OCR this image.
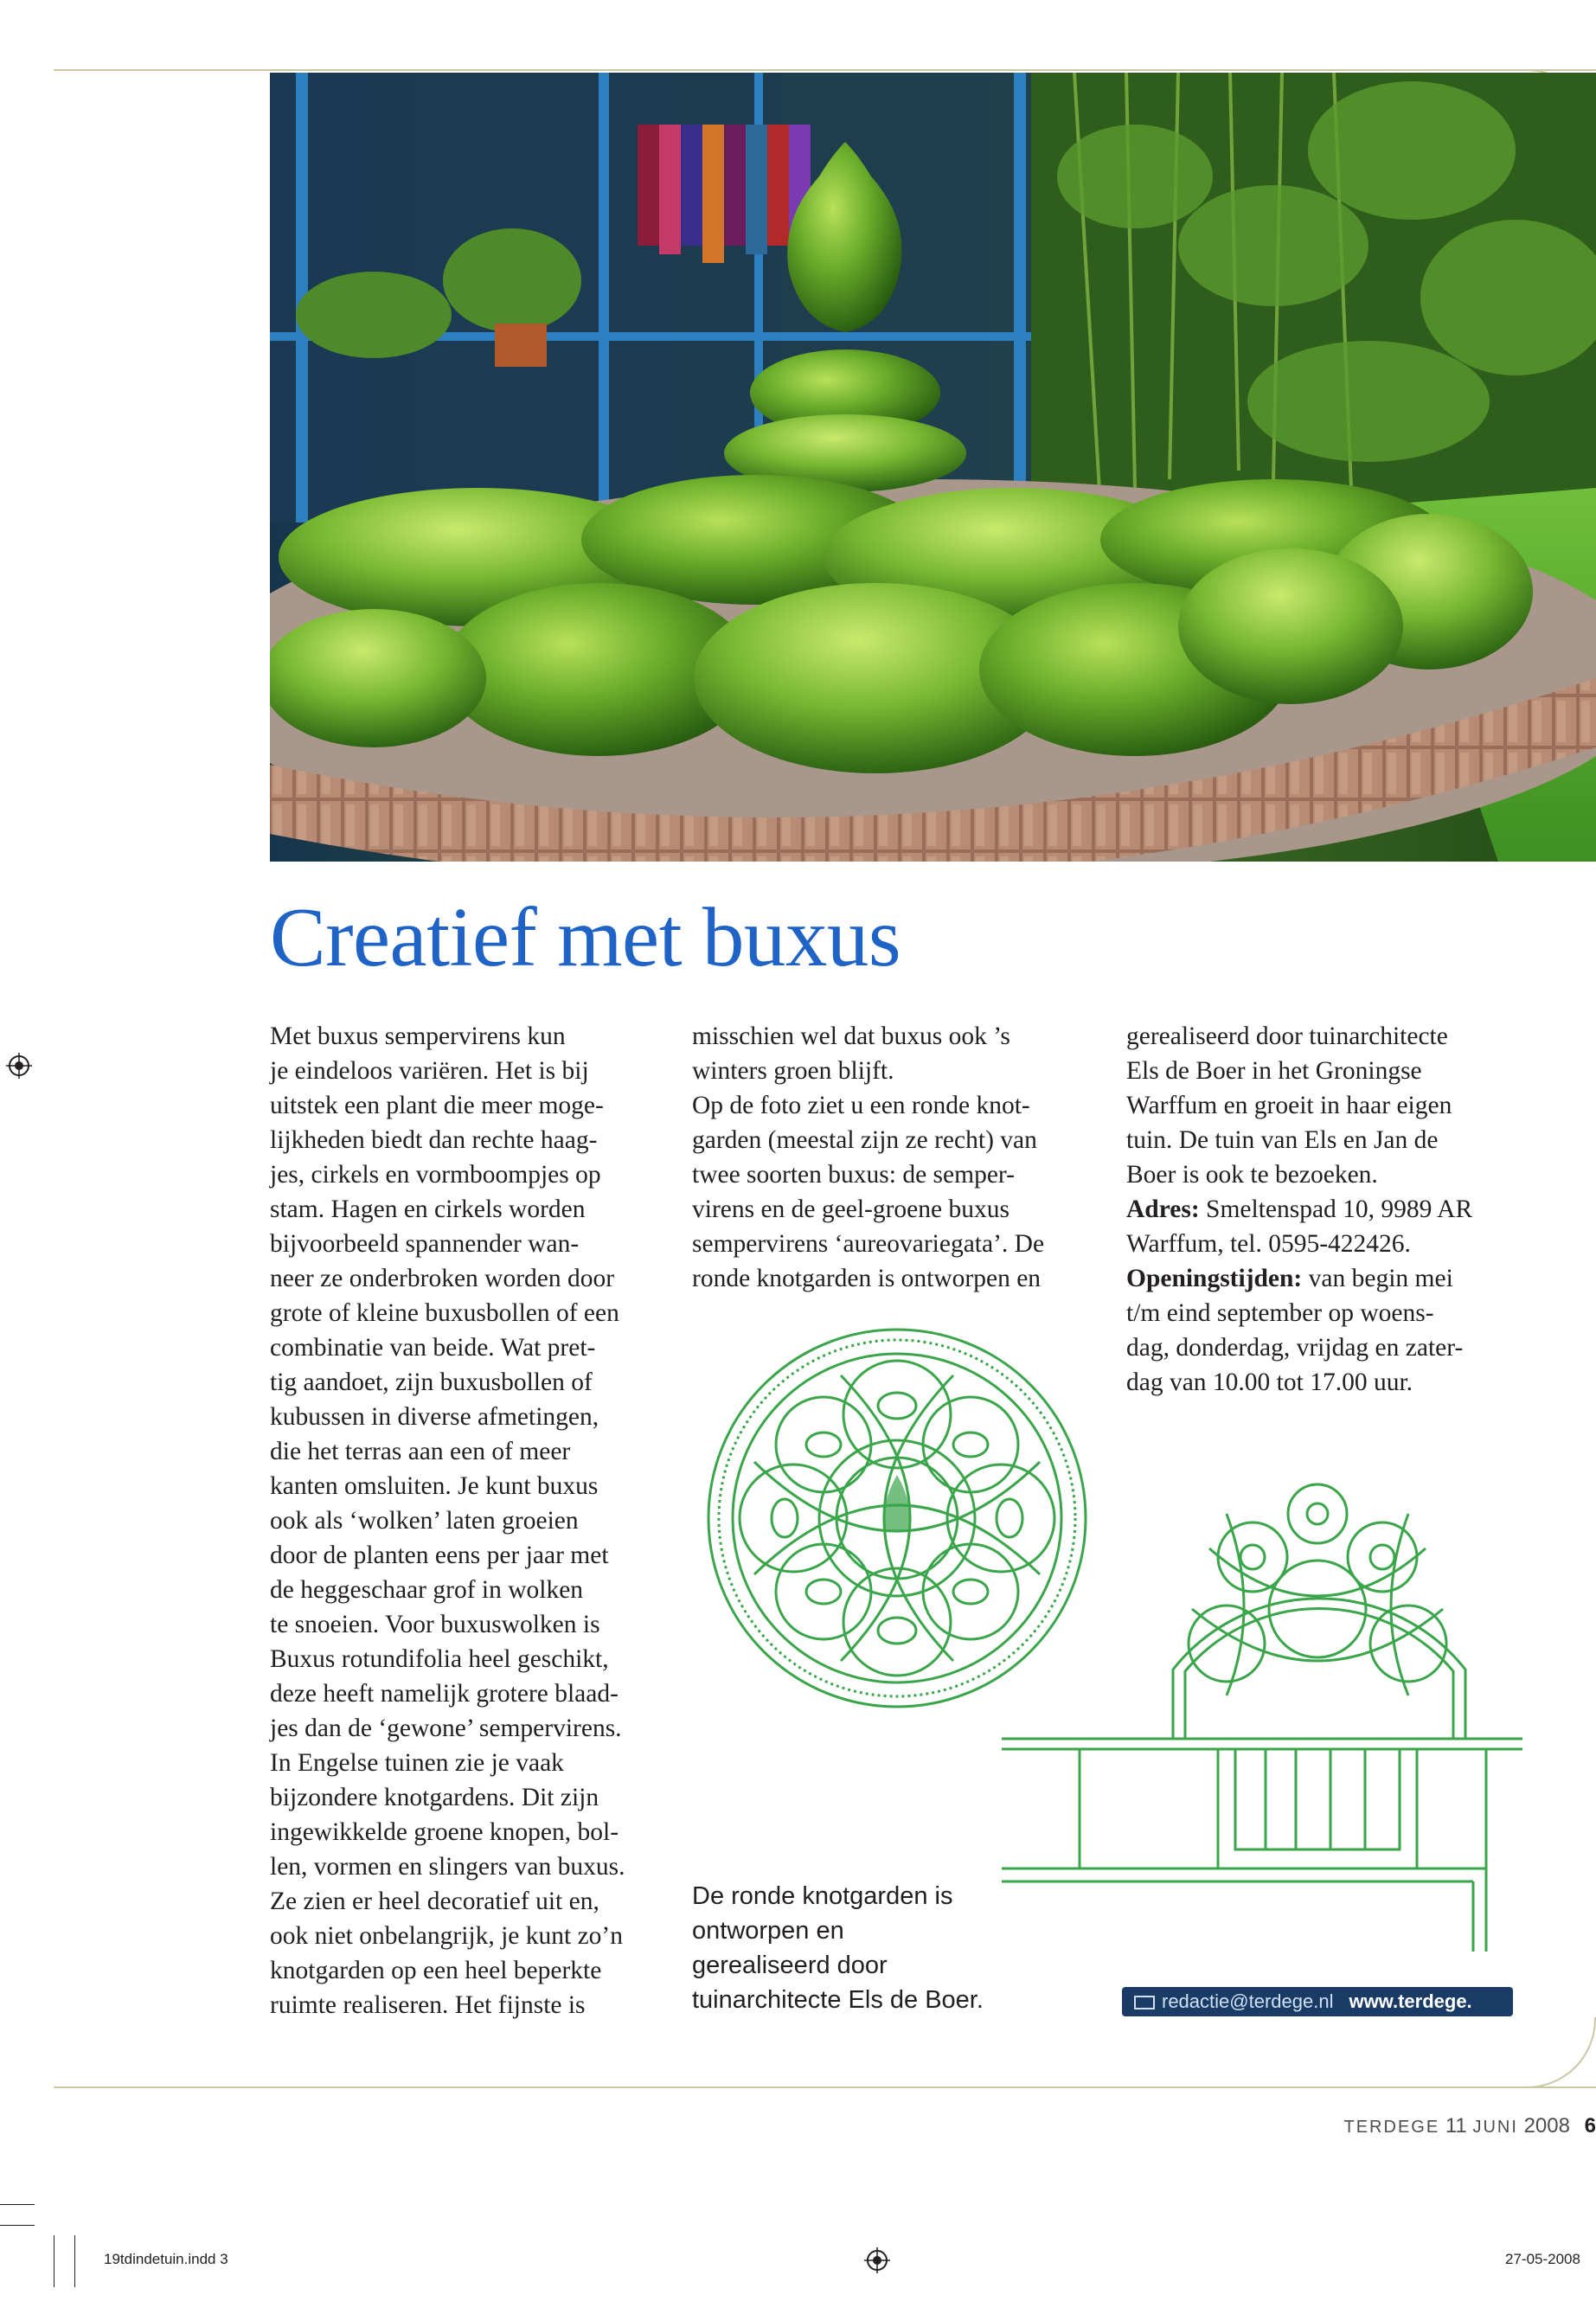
Creatief met buxus

Met buxus sempervirens kun

je eindeloos variëren. Het is bij

uitstek een plant die meer moge-

lijkheden biedt dan rechte haag-

jes, cirkels en vormboompjes op

stam. Hagen en cirkels worden

bijvoorbeeld spannender wan-

neer ze onderbroken worden door

grote of kleine buxusbollen of een

combinatie van beide. Wat pret-

tig aandoet, zijn buxusbollen of

kubussen in diverse afmetingen,

die het terras aan een of meer

kanten omsluiten. Je kunt buxus

ook als ‘wolken’ laten groeien

door de planten eens per jaar met

de heggeschaar grof in wolken

te snoeien. Voor buxuswolken is

Buxus rotundifolia heel geschikt,

deze heeft namelijk grotere blaad-

jes dan de ‘gewone’ sempervirens.

In Engelse tuinen zie je vaak

bijzondere knotgardens. Dit zijn

ingewikkelde groene knopen, bol-

len, vormen en slingers van buxus.

Ze zien er heel decoratief uit en,

ook niet onbelangrijk, je kunt zo’n

knotgarden op een heel beperkte

ruimte realiseren. Het fijnste is

misschien wel dat buxus ook ’s

winters groen blijft.

Op de foto ziet u een ronde knot-

garden (meestal zijn ze recht) van

twee soorten buxus: de semper-

virens en de geel-groene buxus

sempervirens ‘aureovariegata’. De

ronde knotgarden is ontworpen en

gerealiseerd door tuinarchitecte

Els de Boer in het Groningse

Warffum en groeit in haar eigen

tuin. De tuin van Els en Jan de

Boer is ook te bezoeken.

Adres: Smeltenspad 10, 9989 AR

Warffum, tel. 0595-422426.

Openingstijden: van begin mei

t/m eind september op woens-

dag, donderdag, vrijdag en zater-

dag van 10.00 tot 17.00 uur.

De ronde knotgarden is

ontworpen en

gerealiseerd door

tuinarchitecte Els de Boer.	redactie@terdege.nl www.terdege.
TERDEGE 11 JUNI 2008 6
19tdindetuin.indd 3	27-05-2008
